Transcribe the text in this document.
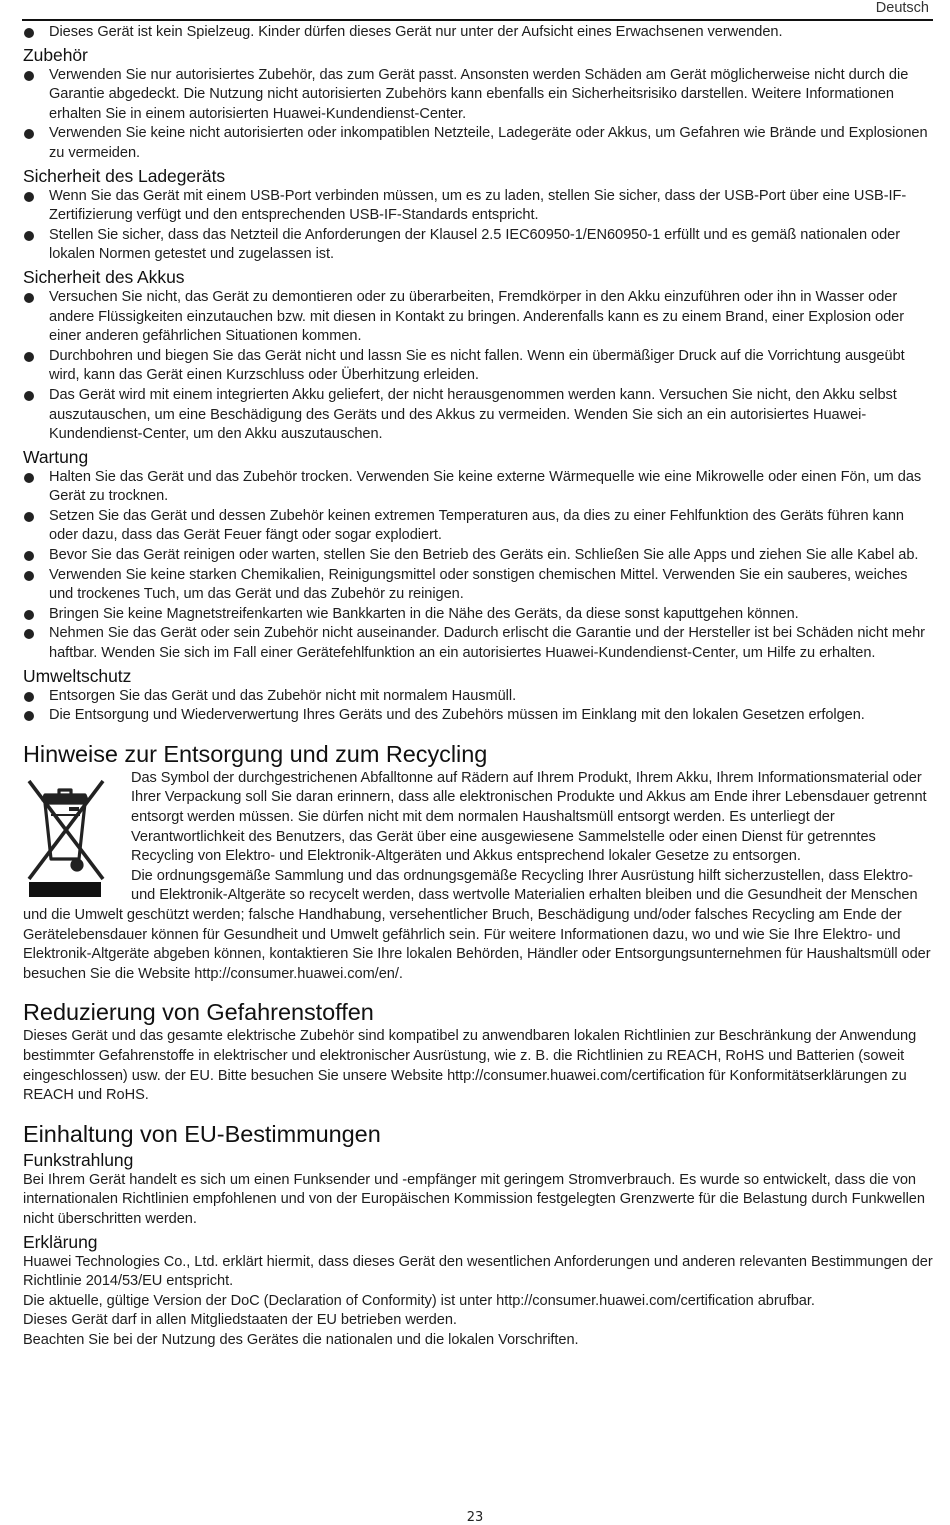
Deutsch
Dieses Gerät ist kein Spielzeug. Kinder dürfen dieses Gerät nur unter der Aufsicht eines Erwachsenen verwenden.
Zubehör
Verwenden Sie nur autorisiertes Zubehör, das zum Gerät passt. Ansonsten werden Schäden am Gerät möglicherweise nicht durch die Garantie abgedeckt. Die Nutzung nicht autorisierten Zubehörs kann ebenfalls ein Sicherheitsrisiko darstellen. Weitere Informationen erhalten Sie in einem autorisierten Huawei-Kundendienst-Center.
Verwenden Sie keine nicht autorisierten oder inkompatiblen Netzteile, Ladegeräte oder Akkus, um Gefahren wie Brände und Explosionen zu vermeiden.
Sicherheit des Ladegeräts
Wenn Sie das Gerät mit einem USB-Port verbinden müssen, um es zu laden, stellen Sie sicher, dass der USB-Port über eine USB-IF-Zertifizierung verfügt und den entsprechenden USB-IF-Standards entspricht.
Stellen Sie sicher, dass das Netzteil die Anforderungen der Klausel 2.5 IEC60950-1/EN60950-1 erfüllt und es gemäß nationalen oder lokalen Normen getestet und zugelassen ist.
Sicherheit des Akkus
Versuchen Sie nicht, das Gerät zu demontieren oder zu überarbeiten, Fremdkörper in den Akku einzuführen oder ihn in Wasser oder andere Flüssigkeiten einzutauchen bzw. mit diesen in Kontakt zu bringen. Anderenfalls kann es zu einem Brand, einer Explosion oder einer anderen gefährlichen Situationen kommen.
Durchbohren und biegen Sie das Gerät nicht und lassn Sie es nicht fallen. Wenn ein übermäßiger Druck auf die Vorrichtung ausgeübt wird, kann das Gerät einen Kurzschluss oder Überhitzung erleiden.
Das Gerät wird mit einem integrierten Akku geliefert, der nicht herausgenommen werden kann. Versuchen Sie nicht, den Akku selbst auszutauschen, um eine Beschädigung des Geräts und des Akkus zu vermeiden. Wenden Sie sich an ein autorisiertes Huawei-Kundendienst-Center, um den Akku auszutauschen.
Wartung
Halten Sie das Gerät und das Zubehör trocken. Verwenden Sie keine externe Wärmequelle wie eine Mikrowelle oder einen Fön, um das Gerät zu trocknen.
Setzen Sie das Gerät und dessen Zubehör keinen extremen Temperaturen aus, da dies zu einer Fehlfunktion des Geräts führen kann oder dazu, dass das Gerät Feuer fängt oder sogar explodiert.
Bevor Sie das Gerät reinigen oder warten, stellen Sie den Betrieb des Geräts ein. Schließen Sie alle Apps und ziehen Sie alle Kabel ab.
Verwenden Sie keine starken Chemikalien, Reinigungsmittel oder sonstigen chemischen Mittel. Verwenden Sie ein sauberes, weiches und trockenes Tuch, um das Gerät und das Zubehör zu reinigen.
Bringen Sie keine Magnetstreifenkarten wie Bankkarten in die Nähe des Geräts, da diese sonst kaputtgehen können.
Nehmen Sie das Gerät oder sein Zubehör nicht auseinander. Dadurch erlischt die Garantie und der Hersteller ist bei Schäden nicht mehr haftbar. Wenden Sie sich im Fall einer Gerätefehlfunktion an ein autorisiertes Huawei-Kundendienst-Center, um Hilfe zu erhalten.
Umweltschutz
Entsorgen Sie das Gerät und das Zubehör nicht mit normalem Hausmüll.
Die Entsorgung und Wiederverwertung Ihres Geräts und des Zubehörs müssen im Einklang mit den lokalen Gesetzen erfolgen.
Hinweise zur Entsorgung und zum Recycling

Das Symbol der durchgestrichenen Abfalltonne auf Rädern auf Ihrem Produkt, Ihrem Akku, Ihrem Informationsmaterial oder Ihrer Verpackung soll Sie daran erinnern, dass alle elektronischen Produkte und Akkus am Ende ihrer Lebensdauer getrennt entsorgt werden müssen. Sie dürfen nicht mit dem normalen Haushaltsmüll entsorgt werden. Es unterliegt der Verantwortlichkeit des Benutzers, das Gerät über eine ausgewiesene Sammelstelle oder einen Dienst für getrenntes Recycling von Elektro- und Elektronik-Altgeräten und Akkus entsprechend lokaler Gesetze zu entsorgen.

Die ordnungsgemäße Sammlung und das ordnungsgemäße Recycling Ihrer Ausrüstung hilft sicherzustellen, dass Elektro- und Elektronik-Altgeräte so recycelt werden, dass wertvolle Materialien erhalten bleiben und die Gesundheit der Menschen und die Umwelt geschützt werden; falsche Handhabung, versehentlicher Bruch, Beschädigung und/oder falsches Recycling am Ende der Gerätelebensdauer können für Gesundheit und Umwelt gefährlich sein. Für weitere Informationen dazu, wo und wie Sie Ihre Elektro- und Elektronik-Altgeräte abgeben können, kontaktieren Sie Ihre lokalen Behörden, Händler oder Entsorgungsunternehmen für Haushaltsmüll oder besuchen Sie die Website http://consumer.huawei.com/en/.

Reduzierung von Gefahrenstoffen

Dieses Gerät und das gesamte elektrische Zubehör sind kompatibel zu anwendbaren lokalen Richtlinien zur Beschränkung der Anwendung bestimmter Gefahrenstoffe in elektrischer und elektronischer Ausrüstung, wie z. B. die Richtlinien zu REACH, RoHS und Batterien (soweit eingeschlossen) usw. der EU. Bitte besuchen Sie unsere Website http://consumer.huawei.com/certification für Konformitätserklärungen zu REACH und RoHS.

Einhaltung von EU-Bestimmungen
Funkstrahlung

Bei Ihrem Gerät handelt es sich um einen Funksender und -empfänger mit geringem Stromverbrauch. Es wurde so entwickelt, dass die von internationalen Richtlinien empfohlenen und von der Europäischen Kommission festgelegten Grenzwerte für die Belastung durch Funkwellen nicht überschritten werden.

Erklärung

Huawei Technologies Co., Ltd. erklärt hiermit, dass dieses Gerät den wesentlichen Anforderungen und anderen relevanten Bestimmungen der Richtlinie 2014/53/EU entspricht.

Die aktuelle, gültige Version der DoC (Declaration of Conformity) ist unter http://consumer.huawei.com/certification abrufbar.

Dieses Gerät darf in allen Mitgliedstaaten der EU betrieben werden.

Beachten Sie bei der Nutzung des Gerätes die nationalen und die lokalen Vorschriften.

23
